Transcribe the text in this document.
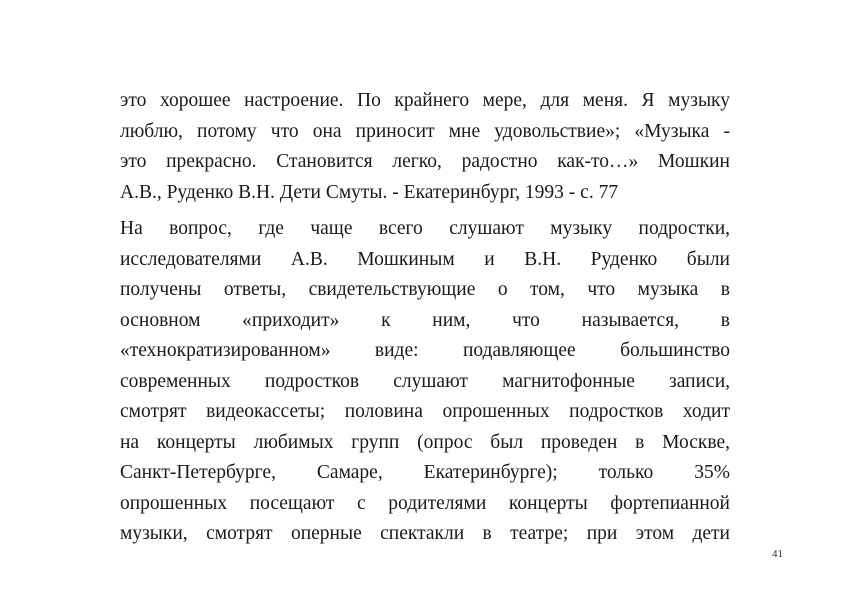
это хорошее настроение. По крайнего мере, для меня. Я музыку
люблю, потому что она приносит мне удовольствие»; «Музыка -
это прекрасно. Становится легко, радостно как-то…» Мошкин
А.В., Руденко В.Н. Дети Смуты. - Екатеринбург, 1993 - с. 77
На вопрос, где чаще всего слушают музыку подростки,
исследователями А.В. Мошкиным и В.Н. Руденко были
получены ответы, свидетельствующие о том, что музыка в
основном «приходит» к ним, что называется, в
«технократизированном» виде: подавляющее большинство
современных подростков слушают магнитофонные записи,
смотрят видеокассеты; половина опрошенных подростков ходит
на концерты любимых групп (опрос был проведен в Москве,
Санкт-Петербурге, Самаре, Екатеринбурге); только 35%
опрошенных посещают с родителями концерты фортепианной
музыки, смотрят оперные спектакли в театре; при этом дети
41
